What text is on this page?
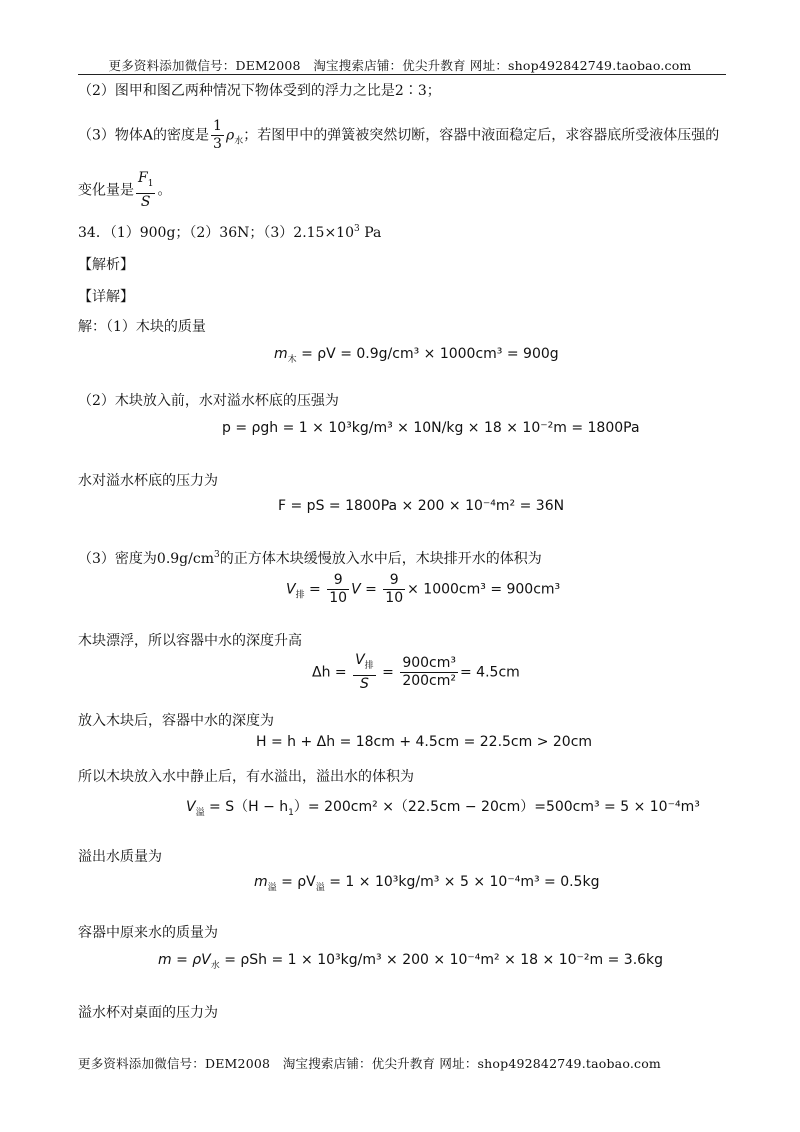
更多资料添加微信号：DEM2008　淘宝搜索店铺：优尖升教育 网址：shop492842749.taobao.com
（2）图甲和图乙两种情况下物体受到的浮力之比是2∶3；
（3）物体A的密度是 $\frac{1}{3} \rho_水$；若图甲中的弹簧被突然切断，容器中液面稳定后，求容器底所受液体压强的
变化量是 $\frac{F_1}{S}$ 。
34．（1）900g；（2）36N；$(3)2.15\times 10^3$ Pa
【解析】
【详解】
解：（1）木块的质量
$m_木 = \rho V = 0.9g/cm^3 \times 1000cm^3 = 900g$
（2）木块放入前，水对溢水杯底的压强为
p = ρgh = 1 × 10³kg/m³ × 10N/kg × 18 × 10⁻²m = 1800Pa
水对溢水杯底的压力为
F = pS = 1800Pa × 200 × 10⁻⁴m² = 36N
（3）密度为$0.9g/cm^3$的正方体木块缓慢放入水中后，木块排开水的体积为
$V_排 = \frac{9}{10}$ $V = \frac{9}{10} \times 1000cm^3 = 900cm^3$
木块漂浮，所以容器中水的深度升高
$\Delta h = \frac{V_排}{S} = \frac{\text{900cm³}}{\text{200cm²}} = 4.5cm$
放入木块后，容器中水的深度为
H = h + Δh = 18cm + 4.5cm = 22.5cm > 20cm
所以木块放入水中静止后，有水溢出，溢出水的体积为
$V_溢 = S(H - h_1)= 200cm^2 \times(22.5cm - 20cm)=500cm^3 = 5 \times 10^{-4}m^3$
溢出水质量为
$m_溢 = \rho V_溢 = 1 \times 10^3kg/m^3 \times 5 \times 10^{-4}m^3 = 0.5kg$
容器中原来水的质量为
$m = \rho V_水 = \rho Sh = 1 \times 10^3kg/m^3 \times 200 \times 10^{-4}m^2 \times 18 \times 10^{-2}m = 3.6kg$
溢水杯对桌面的压力为
更多资料添加微信号：DEM2008　淘宝搜索店铺：优尖升教育 网址：shop492842749.taobao.com
